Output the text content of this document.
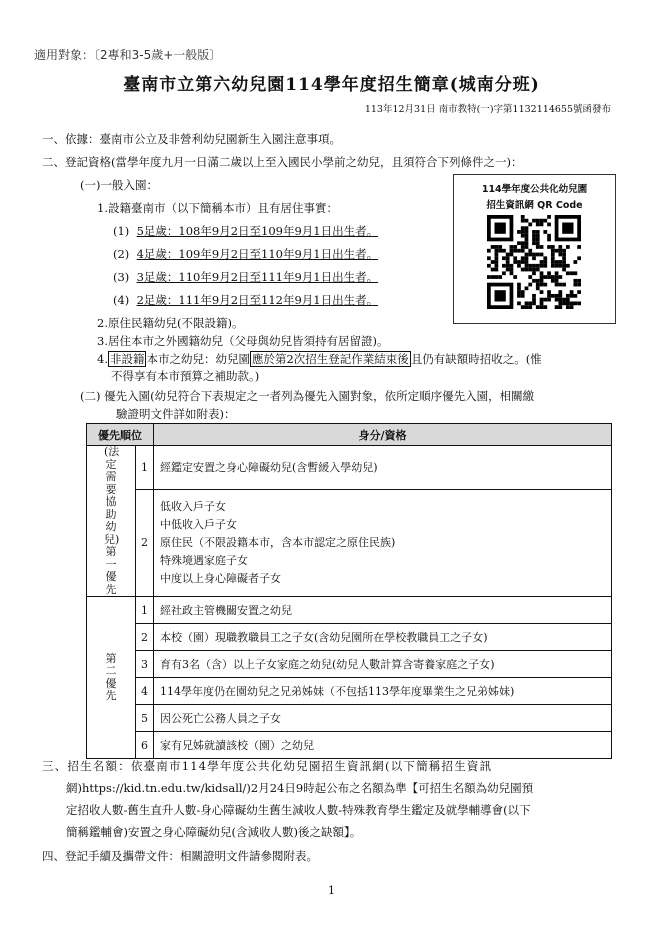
適用對象：〔2專和3-5歲+一般版〕
臺南市立第六幼兒園114學年度招生簡章(城南分班)
113年12月31日 南市教特(一)字第1132114655號函發布
一、依據：臺南市公立及非營利幼兒園新生入園注意事項。
二、登記資格(當學年度九月一日滿二歲以上至入國民小學前之幼兒，且須符合下列條件之一)：
(一)一般入園：
1.設籍臺南市（以下簡稱本市）且有居住事實：
(1) 5足歲：108年9月2日至109年9月1日出生者。
(2) 4足歲：109年9月2日至110年9月1日出生者。
(3) 3足歲：110年9月2日至111年9月1日出生者。
(4) 2足歲：111年9月2日至112年9月1日出生者。
2.原住民籍幼兒(不限設籍)。
3.居住本市之外國籍幼兒（父母與幼兒皆須持有居留證)。
4. 非設籍 本市之幼兒：幼兒園 應於第2次招生登記作業結束後 且仍有缺額時招收之。(惟
不得享有本市預算之補助款。)
(二) 優先入園(幼兒符合下表規定之一者列為優先入園對象，依所定順序優先入園，相關繳
驗證明文件詳如附表)：
114學年度公共化幼兒園
招生資訊網 QR Code
優先順位		身分/資格
(法定需要協助幼兒)第一優先	1	經鑑定安置之身心障礙幼兒(含暫緩入學幼兒)
	2	低收入戶子女
中低收入戶子女
原住民（不限設籍本市，含本市認定之原住民族)
特殊境遇家庭子女
中度以上身心障礙者子女

第二優先	1	經社政主管機關安置之幼兒
	2	本校（園）現職教職員工之子女(含幼兒園所在學校教職員工之子女)
	3	育有3名（含）以上子女家庭之幼兒(幼兒人數計算含寄養家庭之子女)
	4	114學年度仍在園幼兒之兄弟姊妹（不包括113學年度畢業生之兄弟姊妹)
	5	因公死亡公務人員之子女
	6	家有兄姊就讀該校（園）之幼兒
三、招生名額：依臺南市114學年度公共化幼兒園招生資訊網(以下簡稱招生資訊
網)https://kid.tn.edu.tw/kidsall/)2月24日9時起公布之名額為準【可招生名額為幼兒園預
定招收人數-舊生直升人數-身心障礙幼生舊生減收人數-特殊教育學生鑑定及就學輔導會(以下
簡稱鑑輔會)安置之身心障礙幼兒(含減收人數)後之缺額】。
四、登記手續及攜帶文件：相關證明文件請參閱附表。
1
